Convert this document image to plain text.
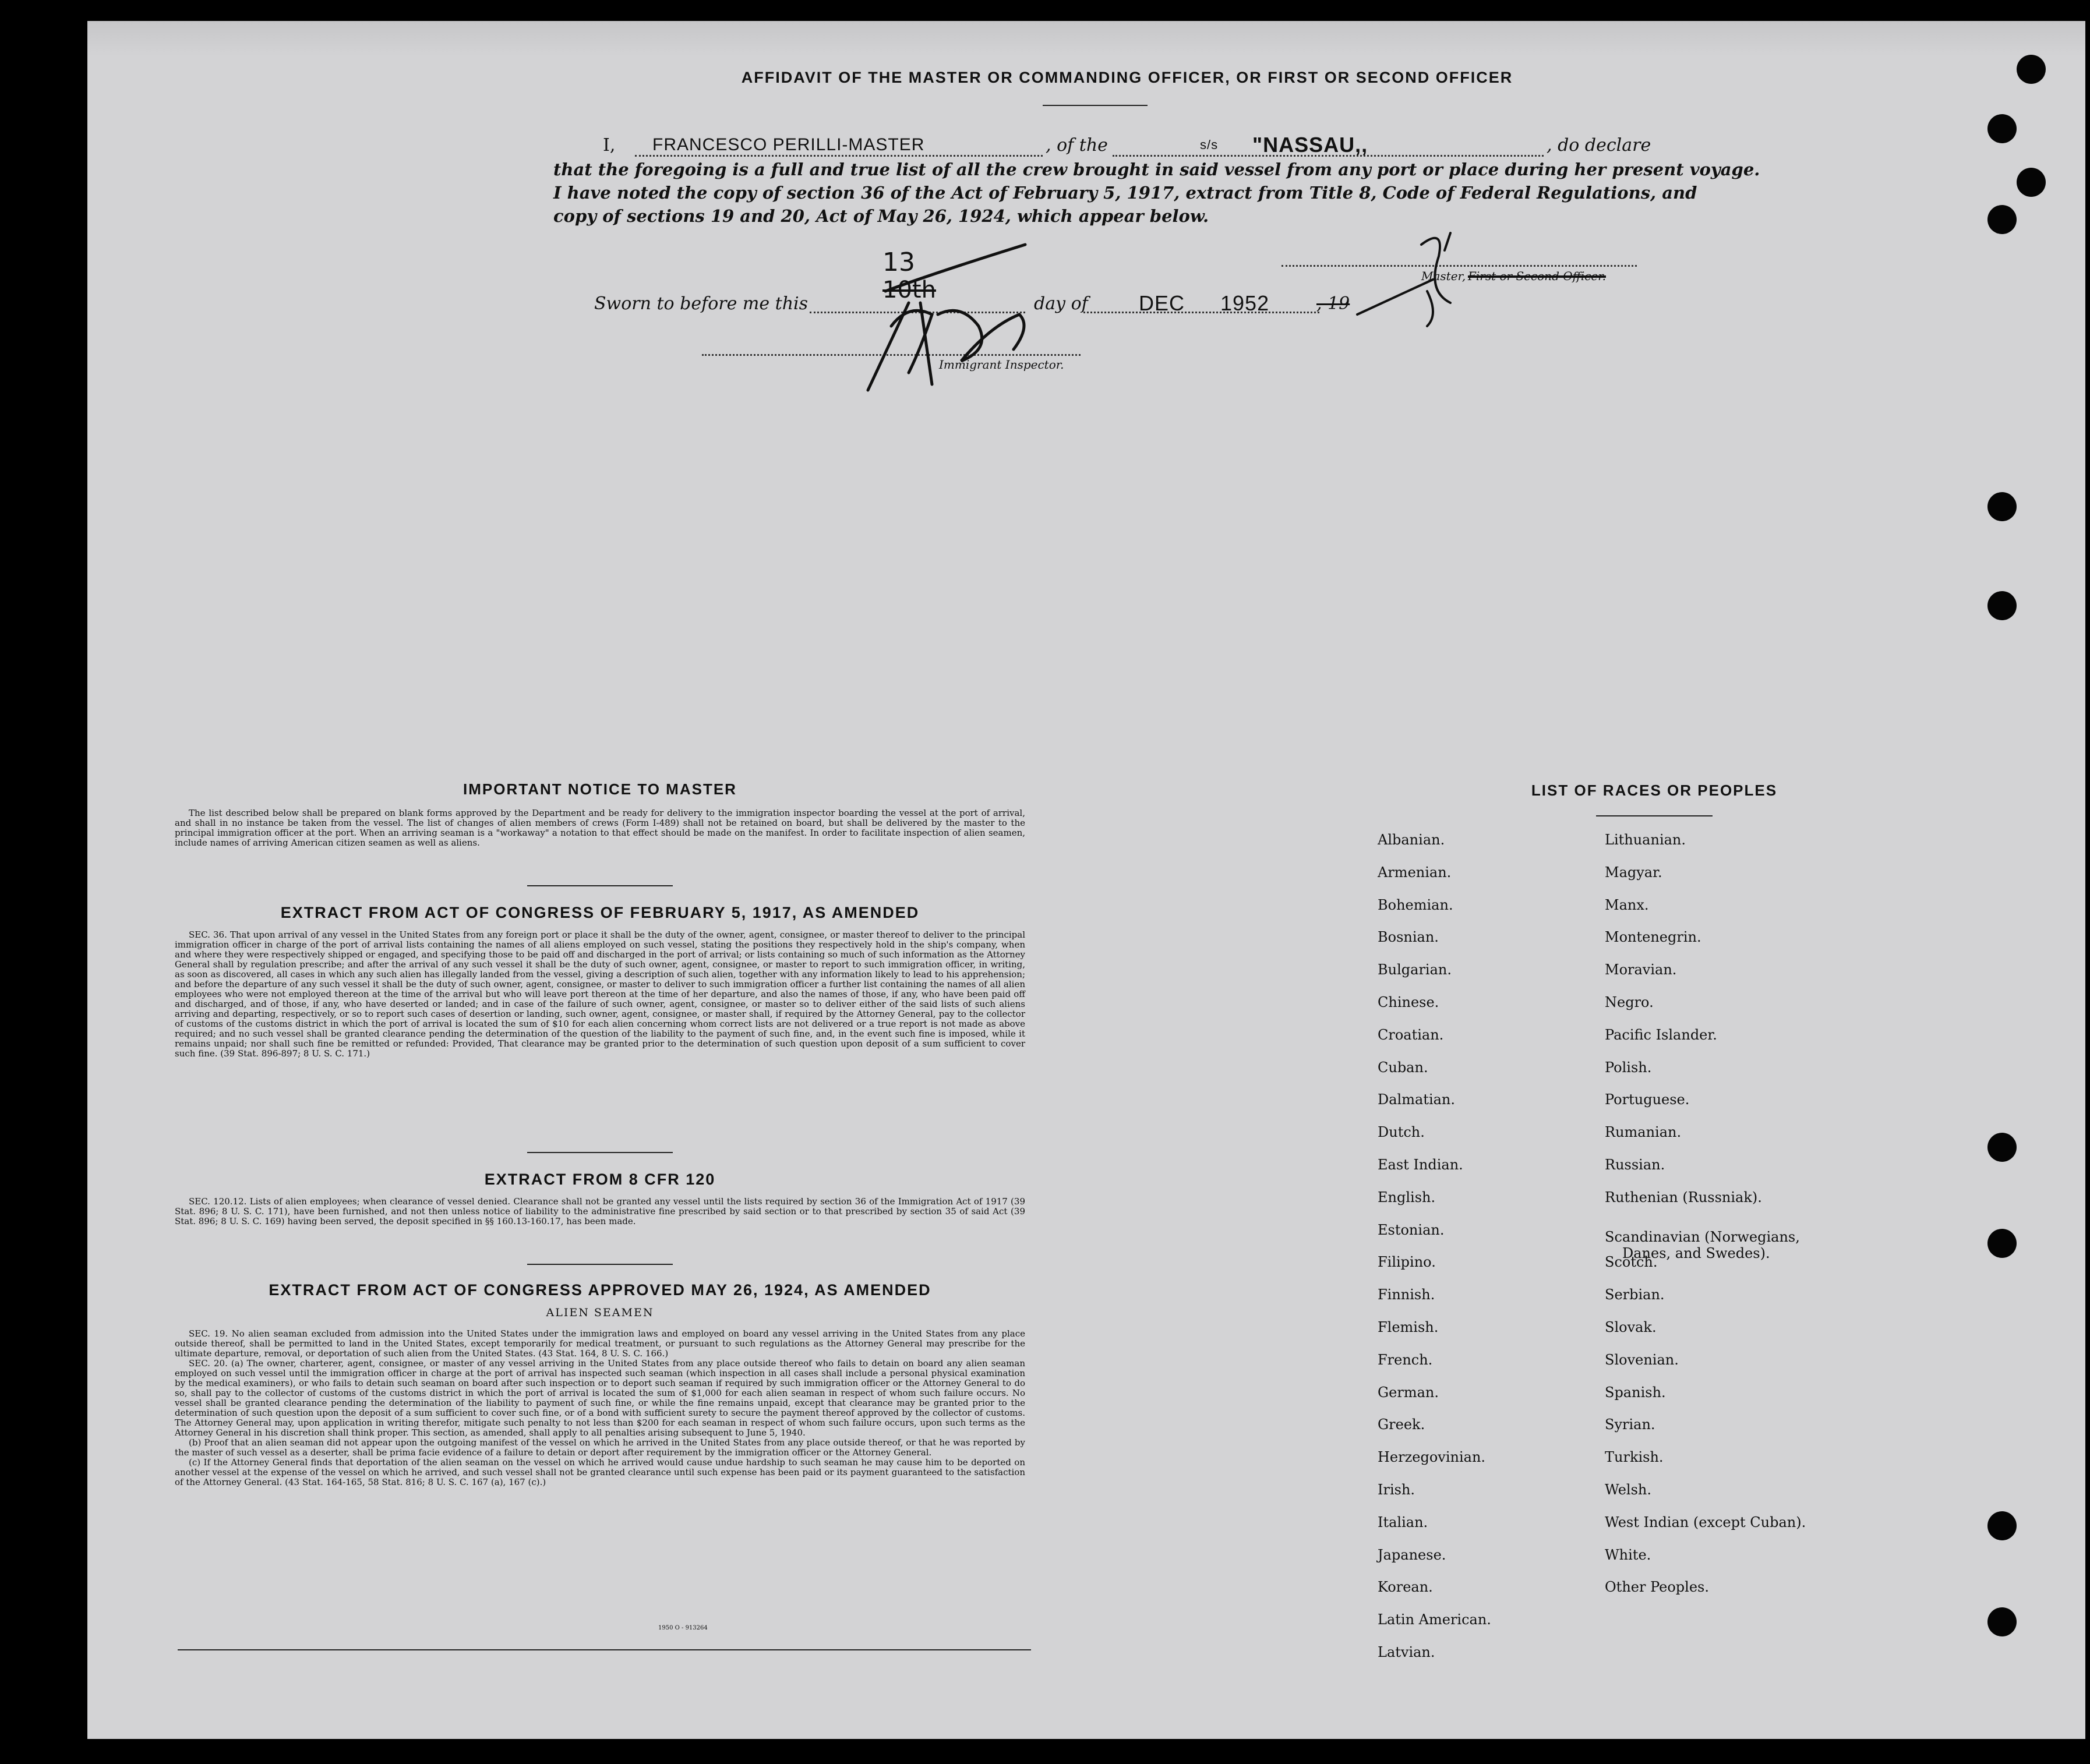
AFFIDAVIT OF THE MASTER OR COMMANDING OFFICER, OR FIRST OR SECOND OFFICER
I, FRANCESCO PERILLI-MASTER	, of the	s/s "NASSAU,,	, do declare
that the foregoing is a full and true list of all the crew brought in said vessel from any port or place during her present voyage.
I have noted the copy of section 36 of the Act of February 5, 1917, extract from Title 8, Code of Federal Regulations, and
copy of sections 19 and 20, Act of May 26, 1924, which appear below.
Master, First or Second Officer.
Sworn to before me this
13
10th
day of DEC 1952	, 19
Immigrant Inspector.
IMPORTANT NOTICE TO MASTER
The list described below shall be prepared on blank forms approved by the Department and be ready for delivery to the immigration inspector boarding the vessel at the port of arrival, and shall in no instance be taken from the vessel. The list of changes of alien members of crews (Form I-489) shall not be retained on board, but shall be delivered by the master to the principal immigration officer at the port. When an arriving seaman is a "workaway" a notation to that effect should be made on the manifest. In order to facilitate inspection of alien seamen, include names of arriving American citizen seamen as well as aliens.
EXTRACT FROM ACT OF CONGRESS OF FEBRUARY 5, 1917, AS AMENDED
SEC. 36. That upon arrival of any vessel in the United States from any foreign port or place it shall be the duty of the owner, agent, consignee, or master thereof to deliver to the principal immigration officer in charge of the port of arrival lists containing the names of all aliens employed on such vessel, stating the positions they respectively hold in the ship's company, when and where they were respectively shipped or engaged, and specifying those to be paid off and discharged in the port of arrival; or lists containing so much of such information as the Attorney General shall by regulation prescribe; and after the arrival of any such vessel it shall be the duty of such owner, agent, consignee, or master to report to such immigration officer, in writing, as soon as discovered, all cases in which any such alien has illegally landed from the vessel, giving a description of such alien, together with any information likely to lead to his apprehension; and before the departure of any such vessel it shall be the duty of such owner, agent, consignee, or master to deliver to such immigration officer a further list containing the names of all alien employees who were not employed thereon at the time of the arrival but who will leave port thereon at the time of her departure, and also the names of those, if any, who have been paid off and discharged, and of those, if any, who have deserted or landed; and in case of the failure of such owner, agent, consignee, or master so to deliver either of the said lists of such aliens arriving and departing, respectively, or so to report such cases of desertion or landing, such owner, agent, consignee, or master shall, if required by the Attorney General, pay to the collector of customs of the customs district in which the port of arrival is located the sum of $10 for each alien concerning whom correct lists are not delivered or a true report is not made as above required; and no such vessel shall be granted clearance pending the determination of the question of the liability to the payment of such fine, and, in the event such fine is imposed, while it remains unpaid; nor shall such fine be remitted or refunded: Provided, That clearance may be granted prior to the determination of such question upon deposit of a sum sufficient to cover such fine. (39 Stat. 896-897; 8 U. S. C. 171.)
EXTRACT FROM 8 CFR 120
SEC. 120.12. Lists of alien employees; when clearance of vessel denied. Clearance shall not be granted any vessel until the lists required by section 36 of the Immigration Act of 1917 (39 Stat. 896; 8 U. S. C. 171), have been furnished, and not then unless notice of liability to the administrative fine prescribed by said section or to that prescribed by section 35 of said Act (39 Stat. 896; 8 U. S. C. 169) having been served, the deposit specified in §§ 160.13-160.17, has been made.
EXTRACT FROM ACT OF CONGRESS APPROVED MAY 26, 1924, AS AMENDED
ALIEN SEAMEN

SEC. 19. No alien seaman excluded from admission into the United States under the immigration laws and employed on board any vessel arriving in the United States from any place outside thereof, shall be permitted to land in the United States, except temporarily for medical treatment, or pursuant to such regulations as the Attorney General may prescribe for the ultimate departure, removal, or deportation of such alien from the United States. (43 Stat. 164, 8 U. S. C. 166.)

SEC. 20. (a) The owner, charterer, agent, consignee, or master of any vessel arriving in the United States from any place outside thereof who fails to detain on board any alien seaman employed on such vessel until the immigration officer in charge at the port of arrival has inspected such seaman (which inspection in all cases shall include a personal physical examination by the medical examiners), or who fails to detain such seaman on board after such inspection or to deport such seaman if required by such immigration officer or the Attorney General to do so, shall pay to the collector of customs of the customs district in which the port of arrival is located the sum of $1,000 for each alien seaman in respect of whom such failure occurs. No vessel shall be granted clearance pending the determination of the liability to payment of such fine, or while the fine remains unpaid, except that clearance may be granted prior to the determination of such question upon the deposit of a sum sufficient to cover such fine, or of a bond with sufficient surety to secure the payment thereof approved by the collector of customs. The Attorney General may, upon application in writing therefor, mitigate such penalty to not less than $200 for each seaman in respect of whom such failure occurs, upon such terms as the Attorney General in his discretion shall think proper. This section, as amended, shall apply to all penalties arising subsequent to June 5, 1940.

(b) Proof that an alien seaman did not appear upon the outgoing manifest of the vessel on which he arrived in the United States from any place outside thereof, or that he was reported by the master of such vessel as a deserter, shall be prima facie evidence of a failure to detain or deport after requirement by the immigration officer or the Attorney General.

(c) If the Attorney General finds that deportation of the alien seaman on the vessel on which he arrived would cause undue hardship to such seaman he may cause him to be deported on another vessel at the expense of the vessel on which he arrived, and such vessel shall not be granted clearance until such expense has been paid or its payment guaranteed to the satisfaction of the Attorney General. (43 Stat. 164-165, 58 Stat. 816; 8 U. S. C. 167 (a), 167 (c).)

1950 O - 913264
LIST OF RACES OR PEOPLES
Albanian.
Armenian.
Bohemian.
Bosnian.
Bulgarian.
Chinese.
Croatian.
Cuban.
Dalmatian.
Dutch.
East Indian.
English.
Estonian.
Filipino.
Finnish.
Flemish.
French.
German.
Greek.
Herzegovinian.
Irish.
Italian.
Japanese.
Korean.
Latin American.
Latvian.
Lithuanian.
Magyar.
Manx.
Montenegrin.
Moravian.
Negro.
Pacific Islander.
Polish.
Portuguese.
Rumanian.
Russian.
Ruthenian (Russniak).
Scandinavian (Norwegians,
Danes, and Swedes).
Scotch.
Serbian.
Slovak.
Slovenian.
Spanish.
Syrian.
Turkish.
Welsh.
West Indian (except Cuban).
White.
Other Peoples.
